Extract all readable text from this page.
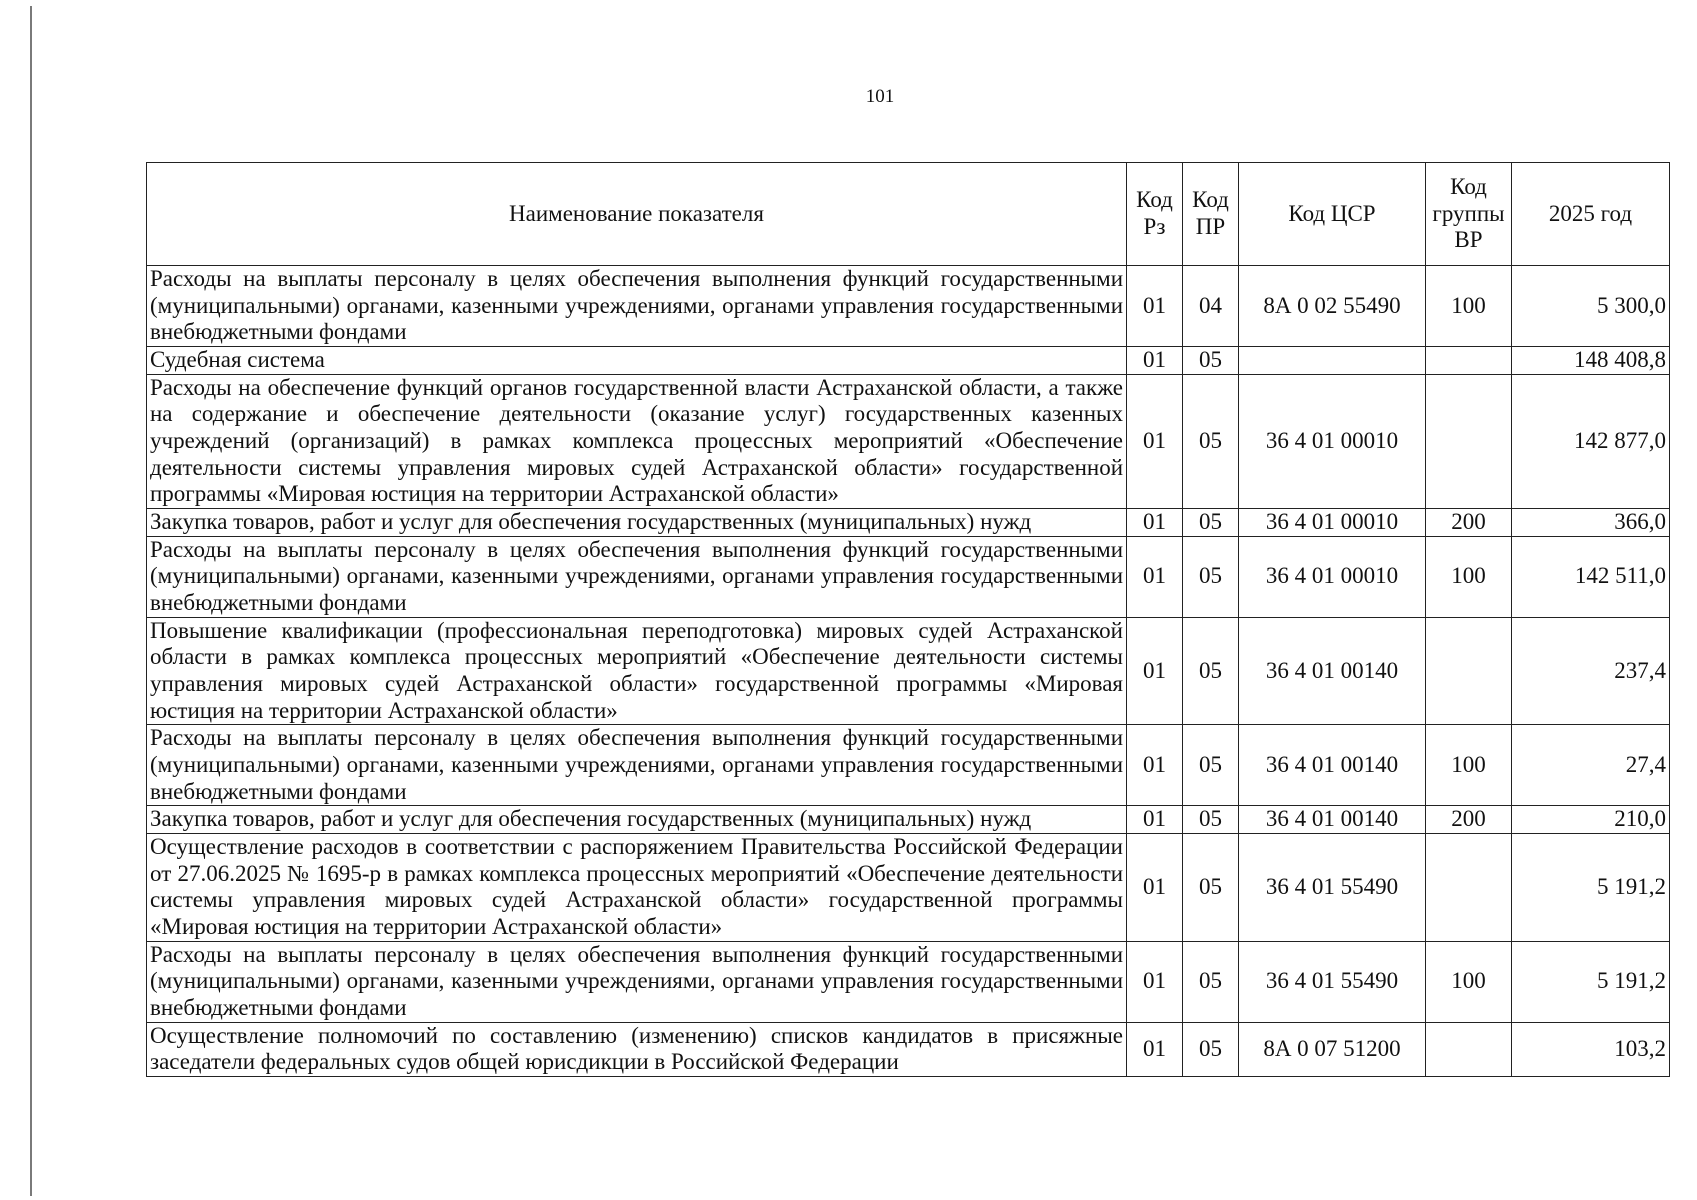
101
Наименование показателя	Код Рз	Код ПР	Код ЦСР	Код группы ВР	2025 год
Расходы на выплаты персоналу в целях обеспечения выполнения функций государственными (муниципальными) органами, казенными учреждениями, органами управления государственными внебюджетными фондами	01	04	8А 0 02 55490	100	5 300,0
Судебная система	01	05			148 408,8
Расходы на обеспечение функций органов государственной власти Астраханской области, а также на содержание и обеспечение деятельности (оказание услуг) государственных казенных учреждений (организаций) в рамках комплекса процессных мероприятий «Обеспечение деятельности системы управления мировых судей Астраханской области» государственной программы «Мировая юстиция на территории Астраханской области»	01	05	36 4 01 00010		142 877,0
Закупка товаров, работ и услуг для обеспечения государственных (муниципальных) нужд	01	05	36 4 01 00010	200	366,0
Расходы на выплаты персоналу в целях обеспечения выполнения функций государственными (муниципальными) органами, казенными учреждениями, органами управления государственными внебюджетными фондами	01	05	36 4 01 00010	100	142 511,0
Повышение квалификации (профессиональная переподготовка) мировых судей Астраханской области в рамках комплекса процессных мероприятий «Обеспечение деятельности системы управления мировых судей Астраханской области» государственной программы «Мировая юстиция на территории Астраханской области»	01	05	36 4 01 00140		237,4
Расходы на выплаты персоналу в целях обеспечения выполнения функций государственными (муниципальными) органами, казенными учреждениями, органами управления государственными внебюджетными фондами	01	05	36 4 01 00140	100	27,4
Закупка товаров, работ и услуг для обеспечения государственных (муниципальных) нужд	01	05	36 4 01 00140	200	210,0
Осуществление расходов в соответствии с распоряжением Правительства Российской Федерации от 27.06.2025 № 1695-р в рамках комплекса процессных мероприятий «Обеспечение деятельности системы управления мировых судей Астраханской области» государственной программы «Мировая юстиция на территории Астраханской области»	01	05	36 4 01 55490		5 191,2
Расходы на выплаты персоналу в целях обеспечения выполнения функций государственными (муниципальными) органами, казенными учреждениями, органами управления государственными внебюджетными фондами	01	05	36 4 01 55490	100	5 191,2
Осуществление полномочий по составлению (изменению) списков кандидатов в присяжные заседатели федеральных судов общей юрисдикции в Российской Федерации	01	05	8А 0 07 51200		103,2
